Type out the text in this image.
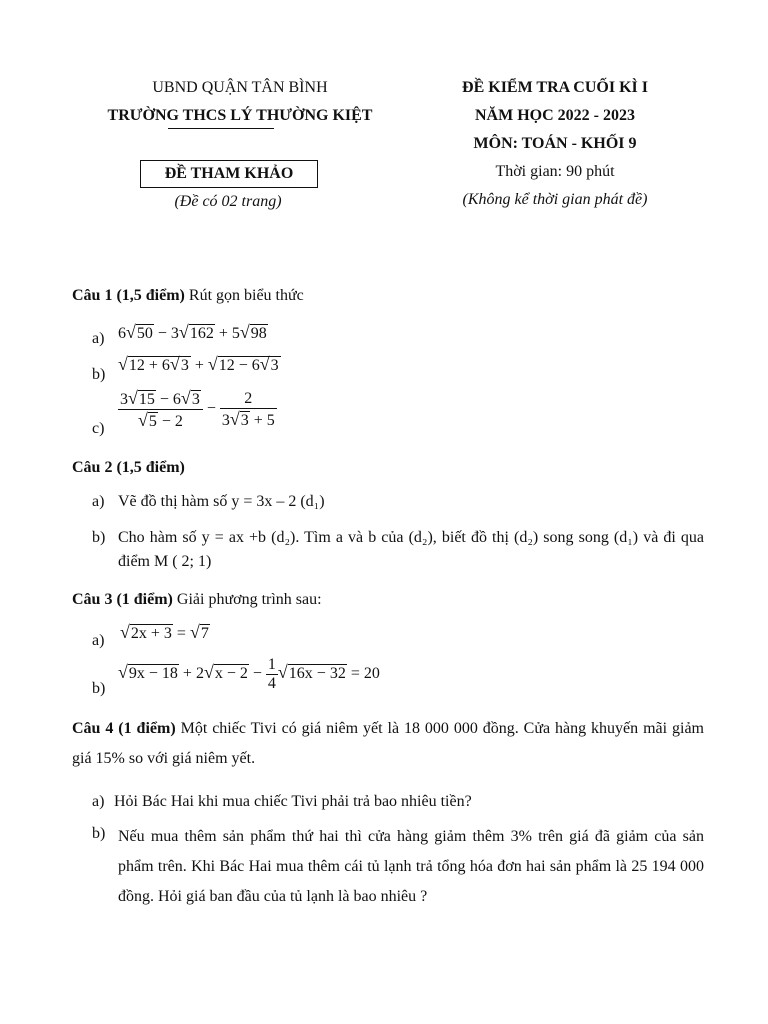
UBND QUẬN TÂN BÌNH
TRƯỜNG THCS LÝ THƯỜNG KIỆT
ĐỀ THAM KHẢO
(Đề có 02 trang)
ĐỀ KIỂM TRA CUỐI KÌ I
NĂM HỌC 2022 - 2023
MÔN: TOÁN - KHỐI 9
Thời gian: 90 phút
(Không kể thời gian phát đề)
Câu 1 (1,5 điểm) Rút gọn biểu thức
a) 6√50 − 3√162 + 5√98
b)
√12 + 6√3 + √12 − 6√3
$c) \frac{3√15 - 6√3}{√5 - 2} - \frac{2}{3√3 + 5}$
Câu 2 (1,5 điểm)
a) Vẽ đồ thị hàm số y = 3x – 2 (d₁)
b) Cho hàm số y = ax +b (d₂). Tìm a và b của (d₂), biết đồ thị (d₂) song song (d₁) và đi qua điểm M ( 2; 1)
Câu 3 (1 điểm) Giải phương trình sau:
a) √2x + 3 = √7
b)
$√9x - 18 + 2√x - 2 - \frac{1}{4} √16x - 32 = 20$
Câu 4 (1 điểm) Một chiếc Tivi có giá niêm yết là 18 000 000 đồng. Cửa hàng khuyến mãi giảm giá 15% so với giá niêm yết.
a) Hỏi Bác Hai khi mua chiếc Tivi phải trả bao nhiêu tiền?
b) Nếu mua thêm sản phẩm thứ hai thì cửa hàng giảm thêm 3% trên giá đã giảm của sản phẩm trên. Khi Bác Hai mua thêm cái tủ lạnh trả tổng hóa đơn hai sản phẩm là 25 194 000 đồng. Hỏi giá ban đầu của tủ lạnh là bao nhiêu ?
